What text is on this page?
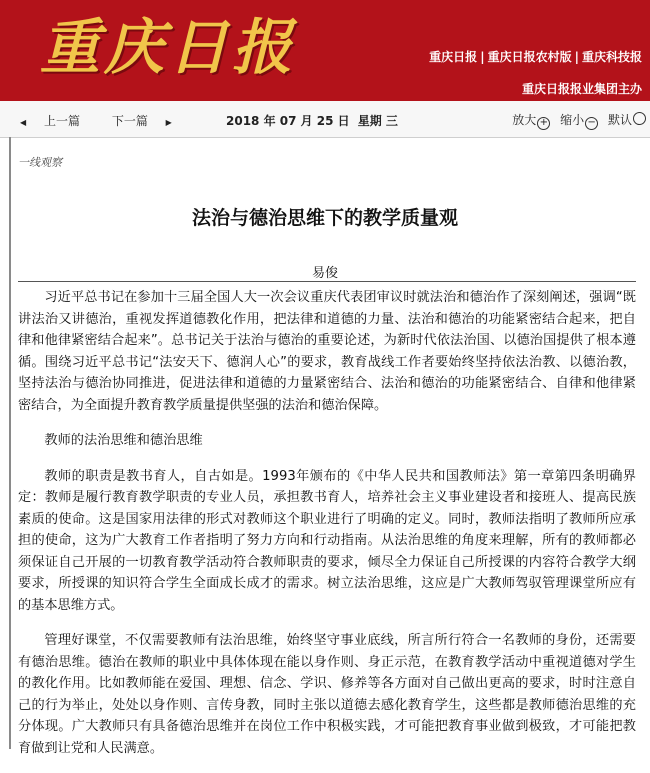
重庆日报	重庆日报 | 重庆日报农村版 | 重庆科技报
重庆日报报业集团主办
◀ 上一篇	下一篇 ▶	2018 年 07 月 25 日 星期 三	放大 + 缩小 − 默认
一线观察
法治与德治思维下的教学质量观
易俊

习近平总书记在参加十三届全国人大一次会议重庆代表团审议时就法治和德治作了深刻阐述，强调“既讲法治又讲德治，重视发挥道德教化作用，把法律和道德的力量、法治和德治的功能紧密结合起来，把自律和他律紧密结合起来”。总书记关于法治与德治的重要论述，为新时代依法治国、以德治国提供了根本遵循。围绕习近平总书记“法安天下、德润人心”的要求，教育战线工作者要始终坚持依法治教、以德治教，坚持法治与德治协同推进，促进法律和道德的力量紧密结合、法治和德治的功能紧密结合、自律和他律紧密结合，为全面提升教育教学质量提供坚强的法治和德治保障。

教师的法治思维和德治思维

教师的职责是教书育人，自古如是。1993年颁布的《中华人民共和国教师法》第一章第四条明确界定：教师是履行教育教学职责的专业人员，承担教书育人，培养社会主义事业建设者和接班人、提高民族素质的使命。这是国家用法律的形式对教师这个职业进行了明确的定义。同时，教师法指明了教师所应承担的使命，这为广大教育工作者指明了努力方向和行动指南。从法治思维的角度来理解，所有的教师都必须保证自己开展的一切教育教学活动符合教师职责的要求，倾尽全力保证自己所授课的内容符合教学大纲要求，所授课的知识符合学生全面成长成才的需求。树立法治思维，这应是广大教师驾驭管理课堂所应有的基本思维方式。

管理好课堂，不仅需要教师有法治思维，始终坚守事业底线，所言所行符合一名教师的身份，还需要有德治思维。德治在教师的职业中具体体现在能以身作则、身正示范，在教育教学活动中重视道德对学生的教化作用。比如教师能在爱国、理想、信念、学识、修养等各方面对自己做出更高的要求，时时注意自己的行为举止，处处以身作则、言传身教，同时主张以道德去感化教育学生，这些都是教师德治思维的充分体现。广大教师只有具备德治思维并在岗位工作中积极实践，才可能把教育事业做到极致，才可能把教育做到让党和人民满意。
